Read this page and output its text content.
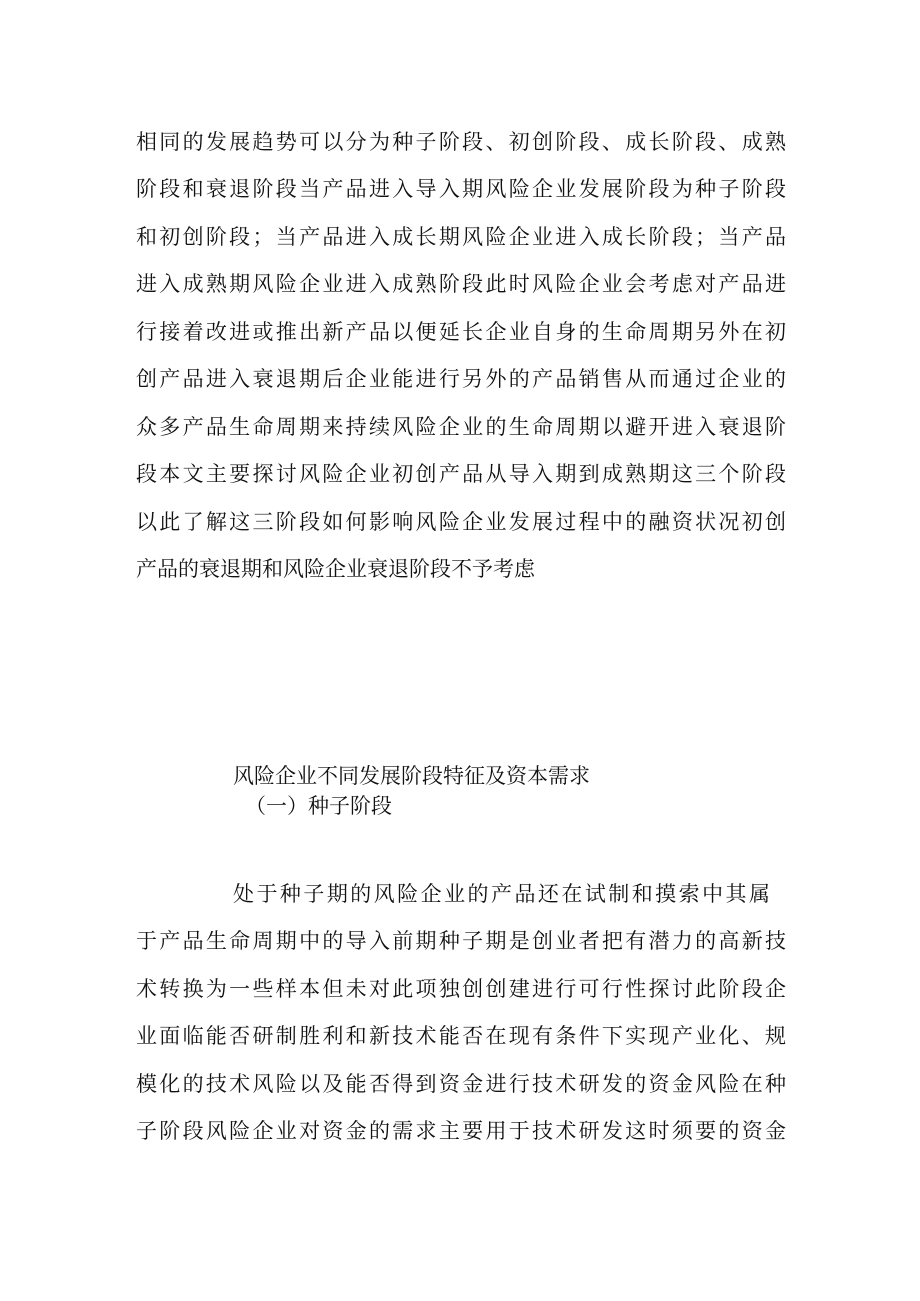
相同的发展趋势可以分为种子阶段、初创阶段、成长阶段、成熟
阶段和衰退阶段当产品进入导入期风险企业发展阶段为种子阶段
和初创阶段；当产品进入成长期风险企业进入成长阶段；当产品
进入成熟期风险企业进入成熟阶段此时风险企业会考虑对产品进
行接着改进或推出新产品以便延长企业自身的生命周期另外在初
创产品进入衰退期后企业能进行另外的产品销售从而通过企业的
众多产品生命周期来持续风险企业的生命周期以避开进入衰退阶
段本文主要探讨风险企业初创产品从导入期到成熟期这三个阶段
以此了解这三阶段如何影响风险企业发展过程中的融资状况初创
产品的衰退期和风险企业衰退阶段不予考虑
风险企业不同发展阶段特征及资本需求
（一）种子阶段
处于种子期的风险企业的产品还在试制和摸索中其属
于产品生命周期中的导入前期种子期是创业者把有潜力的高新技
术转换为一些样本但未对此项独创创建进行可行性探讨此阶段企
业面临能否研制胜利和新技术能否在现有条件下实现产业化、规
模化的技术风险以及能否得到资金进行技术研发的资金风险在种
子阶段风险企业对资金的需求主要用于技术研发这时须要的资金
